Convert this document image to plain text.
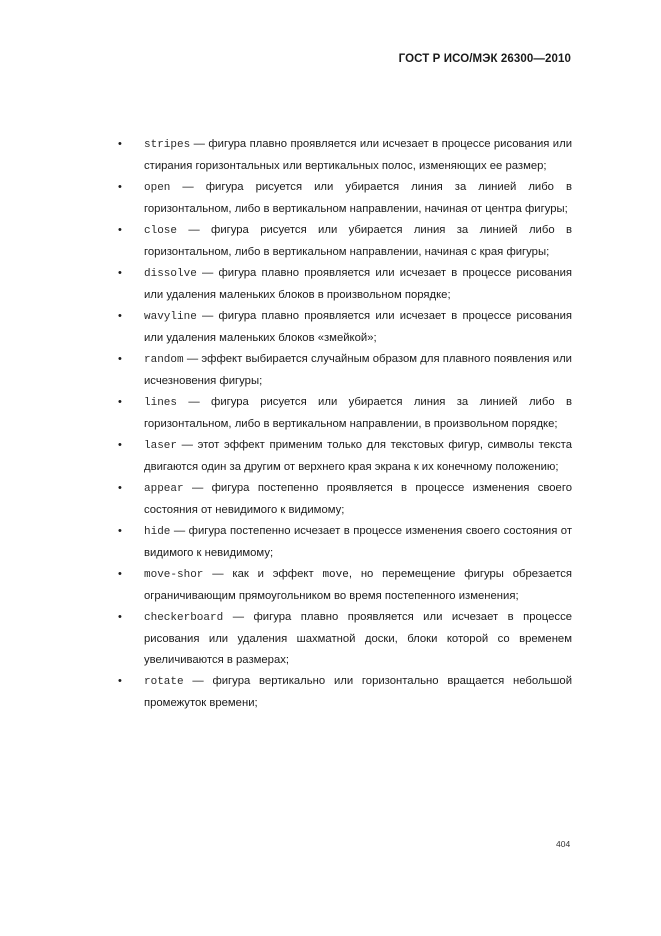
ГОСТ Р ИСО/МЭК 26300—2010
• stripes — фигура плавно проявляется или исчезает в процессе рисования или стирания горизонтальных или вертикальных полос, изменяющих ее размер;
• open — фигура рисуется или убирается линия за линией либо в горизонтальном, либо в вертикальном направлении, начиная от центра фигуры;
• close — фигура рисуется или убирается линия за линией либо в горизонтальном, либо в вертикальном направлении, начиная с края фигуры;
• dissolve — фигура плавно проявляется или исчезает в процессе рисования или удаления маленьких блоков в произвольном порядке;
• wavyline — фигура плавно проявляется или исчезает в процессе рисования или удаления маленьких блоков «змейкой»;
• random — эффект выбирается случайным образом для плавного появления или исчезновения фигуры;
• lines — фигура рисуется или убирается линия за линией либо в горизонтальном, либо в вертикальном направлении, в произвольном порядке;
• laser — этот эффект применим только для текстовых фигур, символы текста двигаются один за другим от верхнего края экрана к их конечному положению;
• appear — фигура постепенно проявляется в процессе изменения своего состояния от невидимого к видимому;
• hide — фигура постепенно исчезает в процессе изменения своего состояния от видимого к невидимому;
• move-shor — как и эффект move, но перемещение фигуры обрезается ограничивающим прямоугольником во время постепенного изменения;
• checkerboard — фигура плавно проявляется или исчезает в процессе рисования или удаления шахматной доски, блоки которой со временем увеличиваются в размерах;
• rotate — фигура вертикально или горизонтально вращается небольшой промежуток времени;
404
